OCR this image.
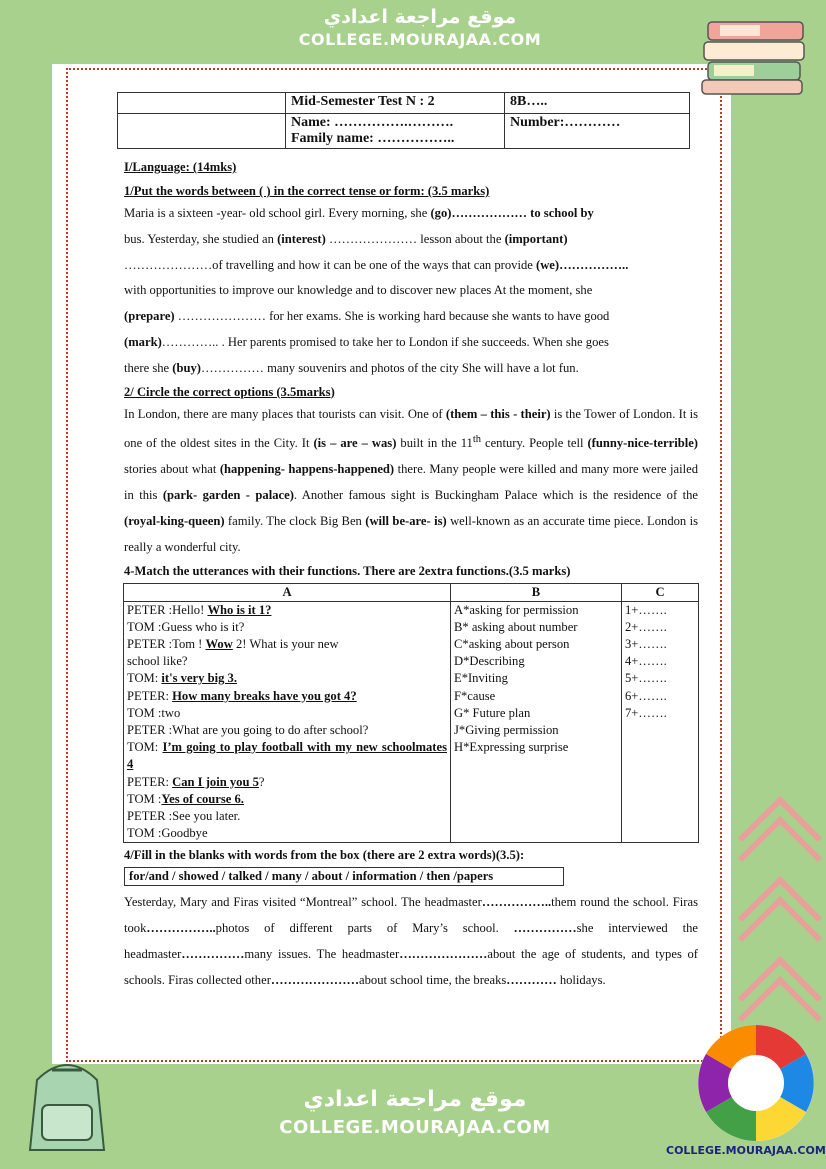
موقع مراجعة اعدادي
COLLEGE.MOURAJAA.COM
موقع مراجعة اعدادي
COLLEGE.MOURAJAA.COM
COLLEGE.MOURAJAA.COM
	Mid-Semester Test N : 2	8B…..

Name: …………….……….
Family name: ……………..
	Number:…………

I/Language: (14mks)

1/Put the words between ( ) in the correct tense or form: (3.5 marks)

Maria is a sixteen -year- old school girl. Every morning, she (go)……………… to school by
bus. Yesterday, she studied an (interest) ………………… lesson about the (important)
…………………of travelling and how it can be one of the ways that can provide (we)……………..
with opportunities to improve our knowledge and to discover new places At the moment, she
(prepare) ………………… for her exams. She is working hard because she wants to have good
(mark)………….. . Her parents promised to take her to London if she succeeds. When she goes
there she (buy)…………… many souvenirs and photos of the city She will have a lot fun.

2/ Circle the correct options (3.5marks)

In London, there are many places that tourists can visit. One of (them – this - their) is the Tower of London. It is one of the oldest sites in the City. It (is – are – was) built in the 11th century. People tell (funny-nice-terrible) stories about what (happening- happens-happened) there. Many people were killed and many more were jailed in this (park- garden - palace). Another famous sight is Buckingham Palace which is the residence of the (royal-king-queen) family. The clock Big Ben (will be-are- is) well-known as an accurate time piece. London is really a wonderful city.

4-Match the utterances with their functions. There are 2extra functions.(3.5 marks)

A	B	C

PETER :Hello! Who is it 1?
TOM :Guess who is it?
PETER :Tom ! Wow 2! What is your new
school like?
TOM: it's very big 3.
PETER: How many breaks have you got 4?
TOM :two
PETER :What are you going to do after school?
TOM: I’m going to play football with my new schoolmates 4
PETER: Can I join you 5?
TOM :Yes of course 6.
PETER :See you later.
TOM :Goodbye

A*asking for permission
B* asking about number
C*asking about person
D*Describing
E*Inviting
F*cause
G* Future plan
J*Giving permission
H*Expressing surprise

1+…….
2+…….
3+…….
4+…….
5+…….
6+…….
7+…….

4/Fill in the blanks with words from the box (there are 2 extra words)(3.5):

for/and / showed / talked / many / about / information / then /papers

Yesterday, Mary and Firas visited “Montreal” school. The headmaster……………..them round the school. Firas took……………..photos of different parts of Mary’s school. ……………she interviewed the headmaster……………many issues. The headmaster…………………about the age of students, and types of schools. Firas collected other…………………about school time, the breaks………… holidays.
